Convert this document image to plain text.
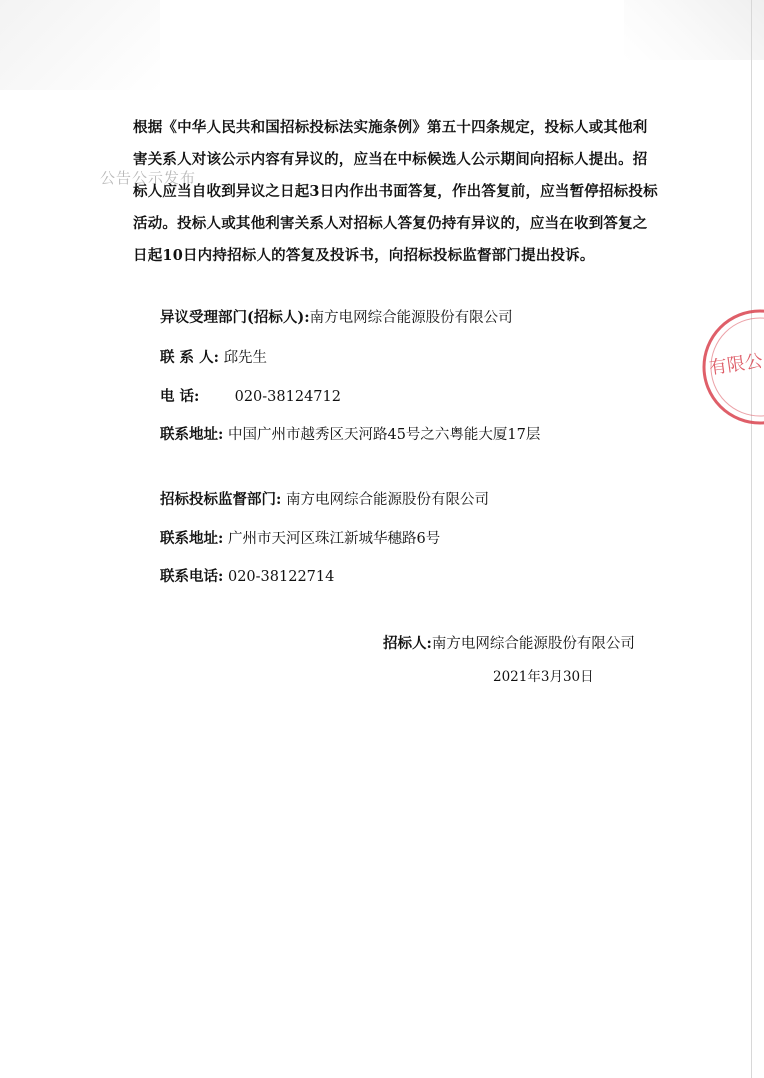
公告公示发布
根据《中华人民共和国招标投标法实施条例》第五十四条规定，投标人或其他利害关系人对该公示内容有异议的，应当在中标候选人公示期间向招标人提出。招标人应当自收到异议之日起3日内作出书面答复，作出答复前，应当暂停招标投标活动。投标人或其他利害关系人对招标人答复仍持有异议的，应当在收到答复之日起10日内持招标人的答复及投诉书，向招标投标监督部门提出投诉。
异议受理部门(招标人):南方电网综合能源股份有限公司
联 系 人: 邱先生
电 话: 020-38124712
联系地址: 中国广州市越秀区天河路45号之六粤能大厦17层
招标投标监督部门: 南方电网综合能源股份有限公司
联系地址: 广州市天河区珠江新城华穗路6号
联系电话: 020-38122714
招标人:南方电网综合能源股份有限公司
2021年3月30日
有限公
